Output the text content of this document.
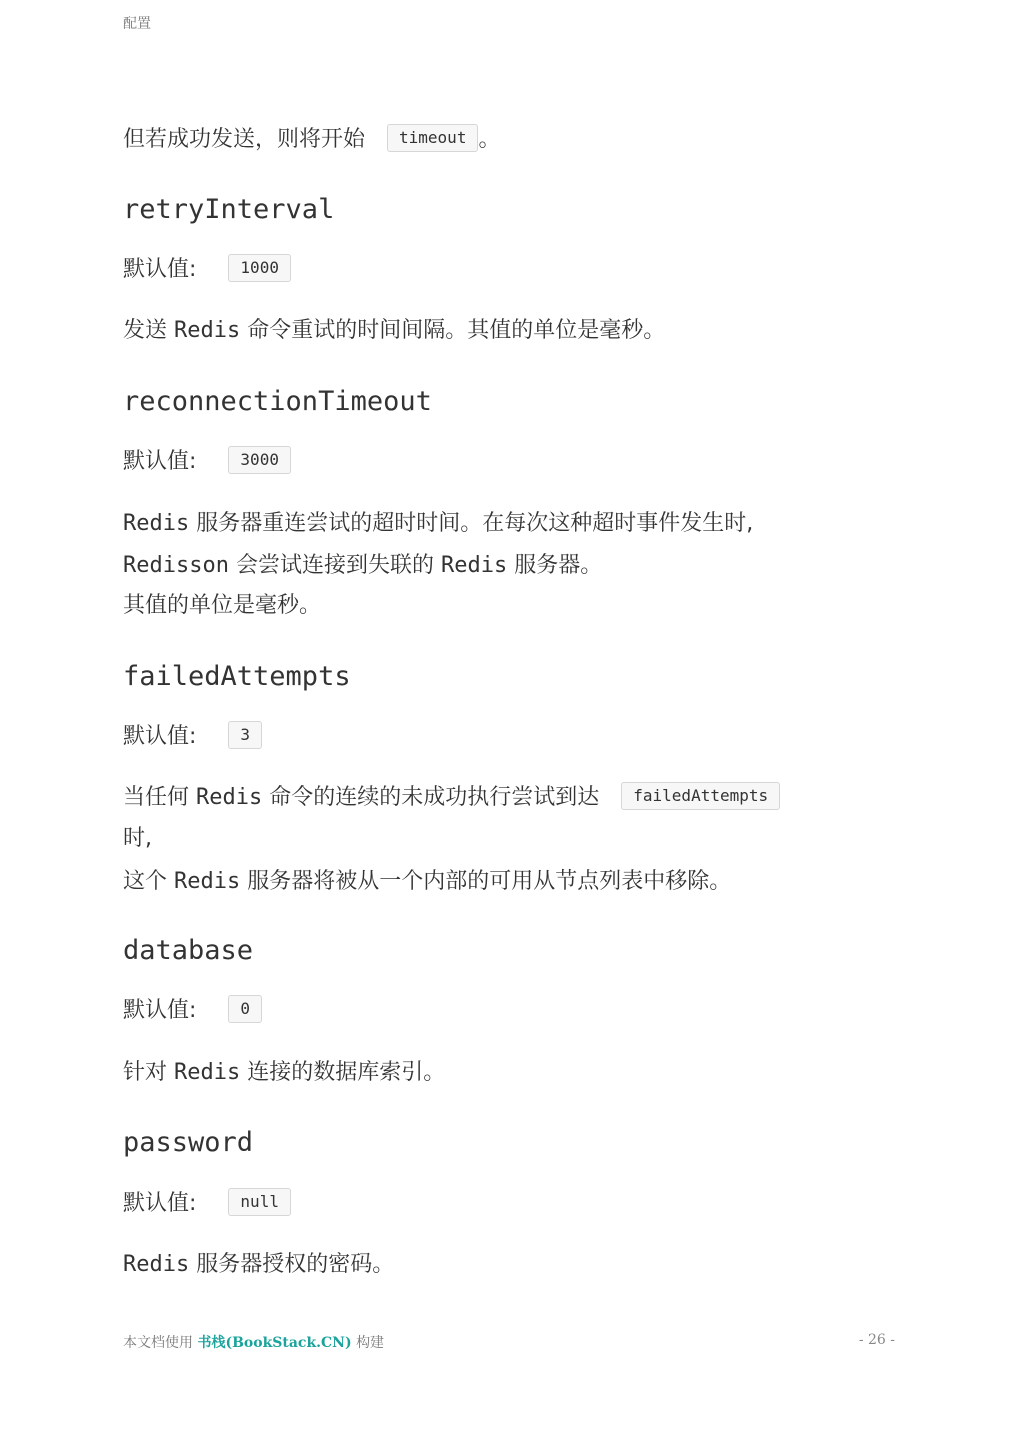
配置
但若成功发送，则将开始 timeout 。
retryInterval
默认值:	1000
发送 Redis 命令重试的时间间隔。其值的单位是毫秒。
reconnectionTimeout
默认值:	3000
Redis 服务器重连尝试的超时时间。在每次这种超时事件发生时,
Redisson 会尝试连接到失联的 Redis 服务器。
其值的单位是毫秒。
failedAttempts
默认值:	3
当任何 Redis 命令的连续的未成功执行尝试到达 failedAttempts
时,
这个 Redis 服务器将被从一个内部的可用从节点列表中移除。
database
默认值:	0
针对 Redis 连接的数据库索引。
password
默认值:	null
Redis 服务器授权的密码。
本文档使用 书栈(BookStack.CN) 构建	- 26 -
